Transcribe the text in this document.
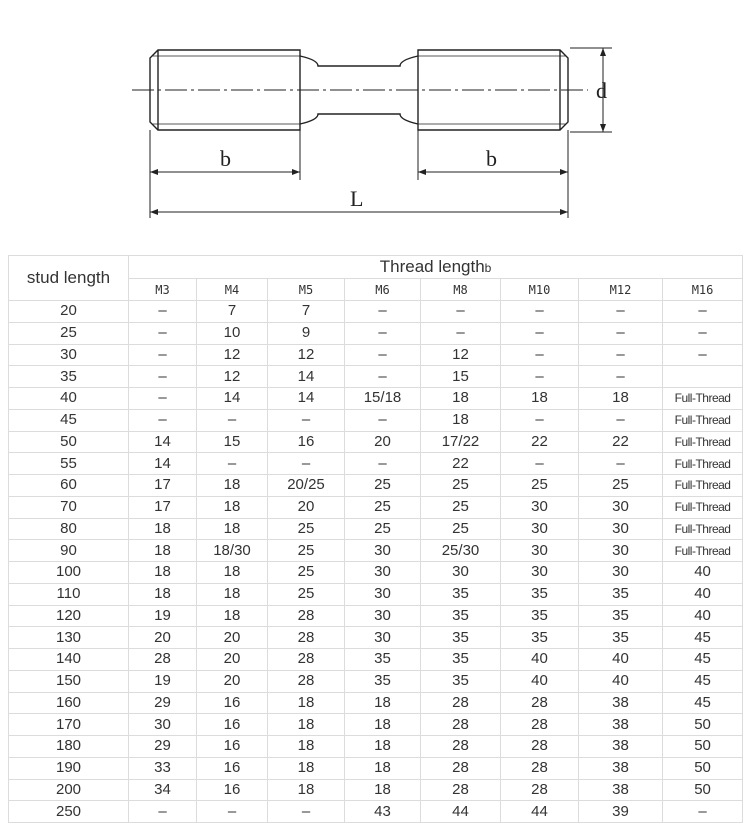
b	b
L
d
stud length	Thread lengthb							
	M3	M4	M5	M6	M8	M10	M12	M16
20	–	7	7	–	–	–	–	–
25	–	10	9	–	–	–	–	–
30	–	12	12	–	12	–	–	–
35	–	12	14	–	15	–	–	
40	–	14	14	15/18	18	18	18	Full-Thread
45	–	–	–	–	18	–	–	Full-Thread
50	14	15	16	20	17/22	22	22	Full-Thread
55	14	–	–	–	22	–	–	Full-Thread
60	17	18	20/25	25	25	25	25	Full-Thread
70	17	18	20	25	25	30	30	Full-Thread
80	18	18	25	25	25	30	30	Full-Thread
90	18	18/30	25	30	25/30	30	30	Full-Thread
100	18	18	25	30	30	30	30	40
110	18	18	25	30	35	35	35	40
120	19	18	28	30	35	35	35	40
130	20	20	28	30	35	35	35	45
140	28	20	28	35	35	40	40	45
150	19	20	28	35	35	40	40	45
160	29	16	18	18	28	28	38	45
170	30	16	18	18	28	28	38	50
180	29	16	18	18	28	28	38	50
190	33	16	18	18	28	28	38	50
200	34	16	18	18	28	28	38	50
250	–	–	–	43	44	44	39	–
